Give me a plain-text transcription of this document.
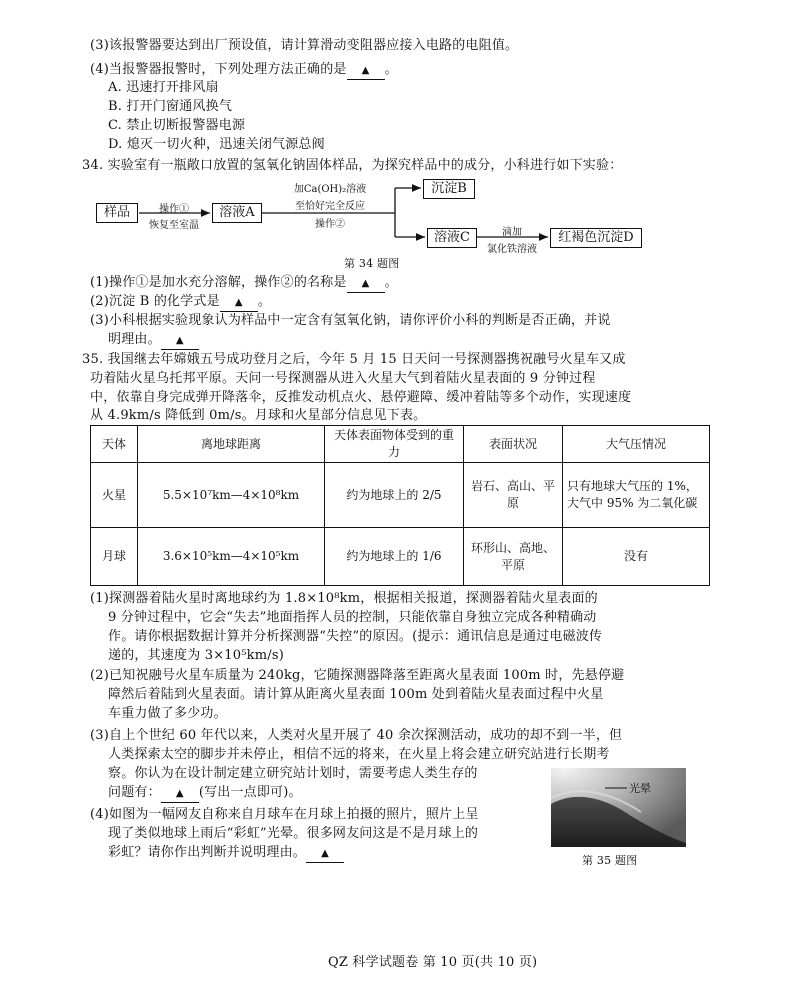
(3)该报警器要达到出厂预设值，请计算滑动变阻器应接入电路的电阻值。
(4)当报警器报警时，下列处理方法正确的是 ▲ 。
A. 迅速打开排风扇
B. 打开门窗通风换气
C. 禁止切断报警器电源
D. 熄灭一切火种，迅速关闭气源总阀
34. 实验室有一瓶敞口放置的氢氧化钠固体样品，为探究样品中的成分，小科进行如下实验：
样品	操作①
恢复至室温
溶液A
加Ca(OH)₂溶液
至恰好完全反应
操作②
沉淀B
溶液C	滴加
氯化铁溶液
红褐色沉淀D
第 34 题图
(1)操作①是加水充分溶解，操作②的名称是 ▲ 。
(2)沉淀 B 的化学式是 ▲ 。
(3)小科根据实验现象认为样品中一定含有氢氧化钠，请你评价小科的判断是否正确，并说
明理由。 ▲
35. 我国继去年嫦娥五号成功登月之后，今年 5 月 15 日天问一号探测器携祝融号火星车又成
功着陆火星乌托邦平原。天问一号探测器从进入火星大气到着陆火星表面的 9 分钟过程
中，依靠自身完成弹开降落伞，反推发动机点火、悬停避障、缓冲着陆等多个动作，实现速度
从 4.9km/s 降低到 0m/s。月球和火星部分信息见下表。
天体	离地球距离	天体表面物体受到的重力	表面状况	大气压情况
火星	5.5×10⁷km—4×10⁸km	约为地球上的 2/5	岩石、高山、平原	只有地球大气压的 1%，大气中 95% 为二氧化碳
月球	3.6×10⁵km—4×10⁵km	约为地球上的 1/6	环形山、高地、平原	没有
(1)探测器着陆火星时离地球约为 1.8×10⁸km，根据相关报道，探测器着陆火星表面的
9 分钟过程中，它会“失去”地面指挥人员的控制，只能依靠自身独立完成各种精确动
作。请你根据数据计算并分析探测器“失控”的原因。(提示：通讯信息是通过电磁波传
递的，其速度为 3×10⁵km/s)
(2)已知祝融号火星车质量为 240kg，它随探测器降落至距离火星表面 100m 时，先悬停避
障然后着陆到火星表面。请计算从距离火星表面 100m 处到着陆火星表面过程中火星
车重力做了多少功。
(3)自上个世纪 60 年代以来，人类对火星开展了 40 余次探测活动，成功的却不到一半，但
人类探索太空的脚步并未停止，相信不远的将来，在火星上将会建立研究站进行长期考
察。你认为在设计制定建立研究站计划时，需要考虑人类生存的
问题有： ▲ (写出一点即可)。
(4)如图为一幅网友自称来自月球车在月球上拍摄的照片，照片上呈
现了类似地球上雨后“彩虹”光晕。很多网友问这是不是月球上的
彩虹？请你作出判断并说明理由。 ▲
光晕
第 35 题图
QZ 科学试题卷 第 10 页(共 10 页)
